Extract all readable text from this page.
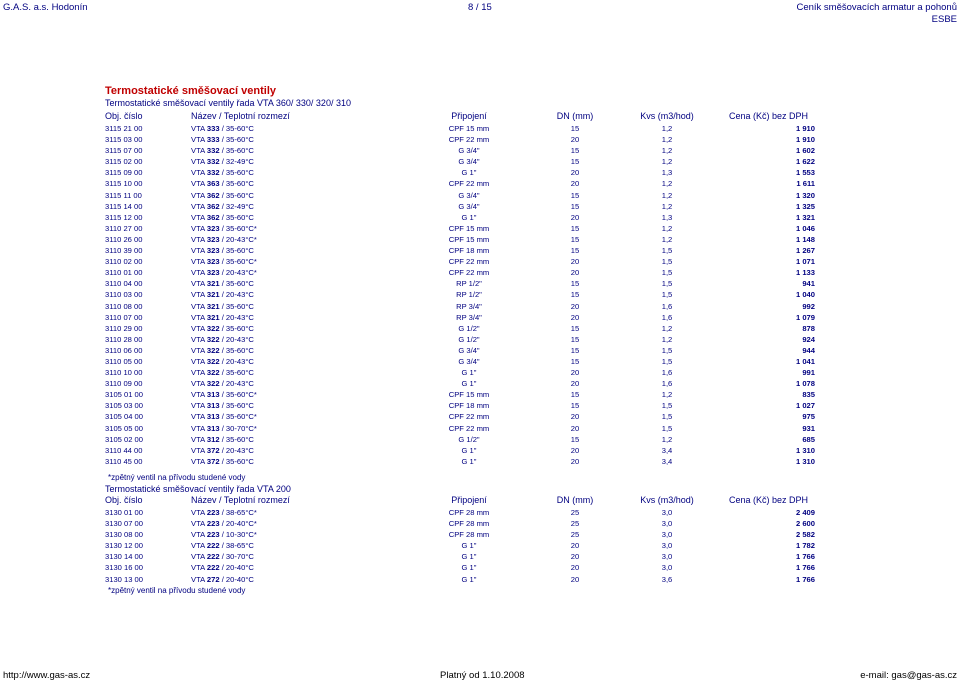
G.A.S. a.s. Hodonín	8 / 15	Ceník směšovacích armatur a pohonů
ESBE
Termostatické směšovací ventily
Termostatické směšovací ventily řada VTA 360/ 330/ 320/ 310
Obj. číslo	Název / Teplotní rozmezí	Připojení	DN (mm)	Kvs (m3/hod)	Cena (Kč) bez DPH
3115 21 00	VTA 333 / 35-60°C	CPF 15 mm	15	1,2	1 910
3115 03 00	VTA 333 / 35-60°C	CPF 22 mm	20	1,2	1 910
3115 07 00	VTA 332 / 35-60°C	G 3/4"	15	1,2	1 602
3115 02 00	VTA 332 / 32-49°C	G 3/4"	15	1,2	1 622
3115 09 00	VTA 332 / 35-60°C	G 1"	20	1,3	1 553
3115 10 00	VTA 363 / 35-60°C	CPF 22 mm	20	1,2	1 611
3115 11 00	VTA 362 / 35-60°C	G 3/4"	15	1,2	1 320
3115 14 00	VTA 362 / 32-49°C	G 3/4"	15	1,2	1 325
3115 12 00	VTA 362 / 35-60°C	G 1"	20	1,3	1 321
3110 27 00	VTA 323 / 35-60°C*	CPF 15 mm	15	1,2	1 046
3110 26 00	VTA 323 / 20-43°C*	CPF 15 mm	15	1,2	1 148
3110 39 00	VTA 323 / 35-60°C	CPF 18 mm	15	1,5	1 267
3110 02 00	VTA 323 / 35-60°C*	CPF 22 mm	20	1,5	1 071
3110 01 00	VTA 323 / 20-43°C*	CPF 22 mm	20	1,5	1 133
3110 04 00	VTA 321 / 35-60°C	RP 1/2"	15	1,5	941
3110 03 00	VTA 321 / 20-43°C	RP 1/2"	15	1,5	1 040
3110 08 00	VTA 321 / 35-60°C	RP 3/4"	20	1,6	992
3110 07 00	VTA 321 / 20-43°C	RP 3/4"	20	1,6	1 079
3110 29 00	VTA 322 / 35-60°C	G 1/2"	15	1,2	878
3110 28 00	VTA 322 / 20-43°C	G 1/2"	15	1,2	924
3110 06 00	VTA 322 / 35-60°C	G 3/4"	15	1,5	944
3110 05 00	VTA 322 / 20-43°C	G 3/4"	15	1,5	1 041
3110 10 00	VTA 322 / 35-60°C	G 1"	20	1,6	991
3110 09 00	VTA 322 / 20-43°C	G 1"	20	1,6	1 078
3105 01 00	VTA 313 / 35-60°C*	CPF 15 mm	15	1,2	835
3105 03 00	VTA 313 / 35-60°C	CPF 18 mm	15	1,5	1 027
3105 04 00	VTA 313 / 35-60°C*	CPF 22 mm	20	1,5	975
3105 05 00	VTA 313 / 30-70°C*	CPF 22 mm	20	1,5	931
3105 02 00	VTA 312 / 35-60°C	G 1/2"	15	1,2	685
3110 44 00	VTA 372 / 20-43°C	G 1"	20	3,4	1 310
3110 45 00	VTA 372 / 35-60°C	G 1"	20	3,4	1 310
*zpětný ventil na přívodu studené vody
Termostatické směšovací ventily řada VTA 200
Obj. číslo	Název / Teplotní rozmezí	Připojení	DN (mm)	Kvs (m3/hod)	Cena (Kč) bez DPH
3130 01 00	VTA 223 / 38-65°C*	CPF 28 mm	25	3,0	2 409
3130 07 00	VTA 223 / 20-40°C*	CPF 28 mm	25	3,0	2 600
3130 08 00	VTA 223 / 10-30°C*	CPF 28 mm	25	3,0	2 582
3130 12 00	VTA 222 / 38-65°C	G 1"	20	3,0	1 782
3130 14 00	VTA 222 / 30-70°C	G 1"	20	3,0	1 766
3130 16 00	VTA 222 / 20-40°C	G 1"	20	3,0	1 766
3130 13 00	VTA 272 / 20-40°C	G 1"	20	3,6	1 766
*zpětný ventil na přívodu studené vody
http://www.gas-as.cz	Platný od 1.10.2008	e-mail: gas@gas-as.cz
